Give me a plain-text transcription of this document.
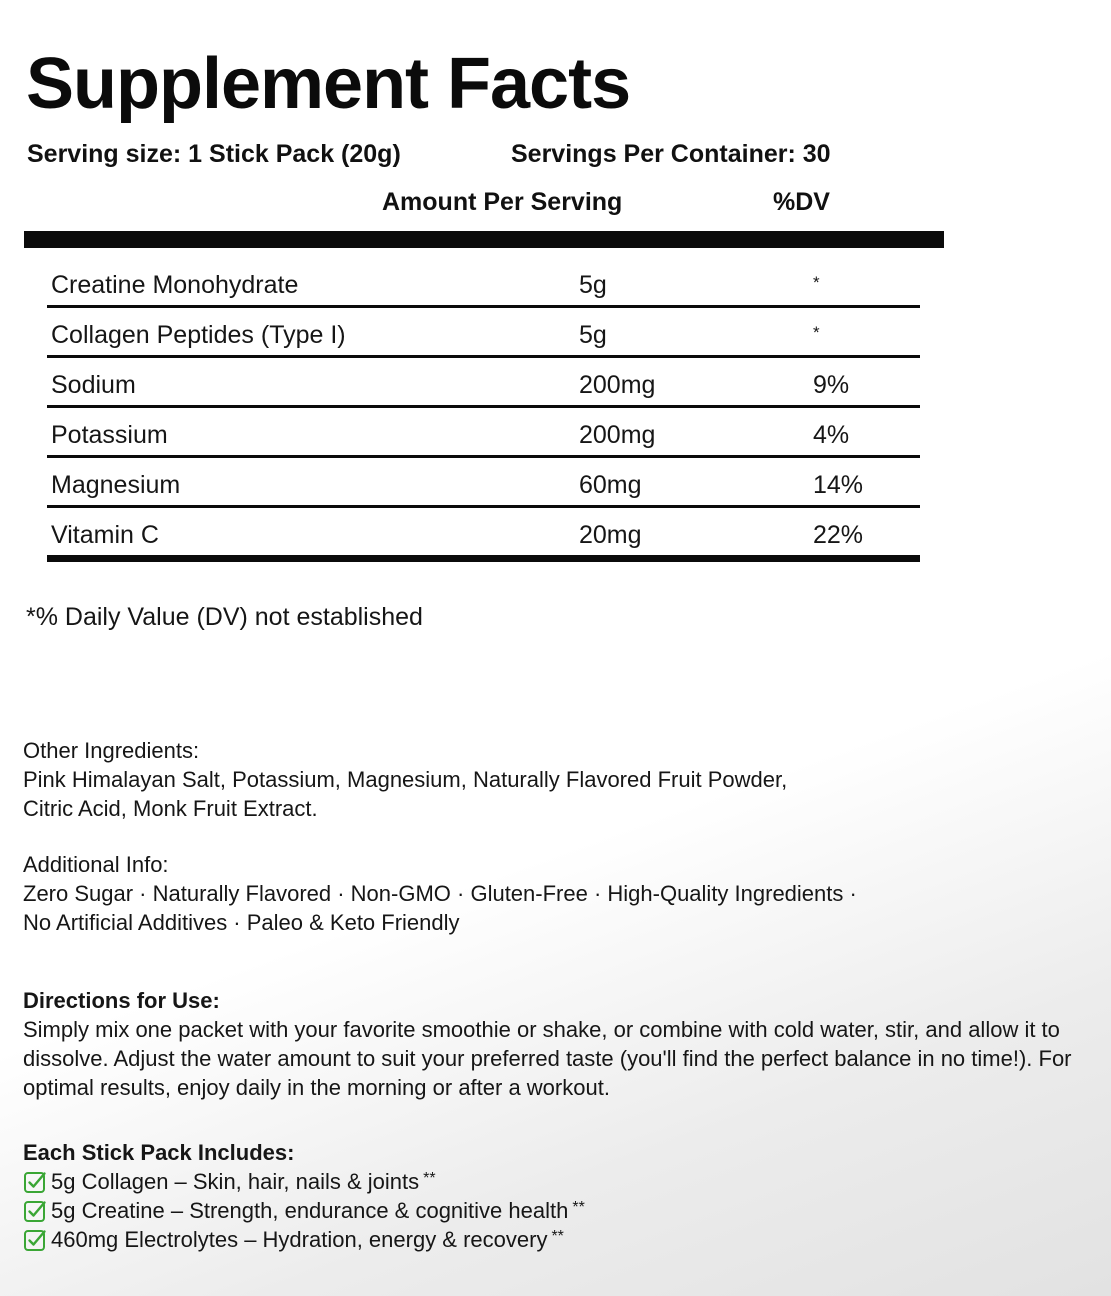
Supplement Facts
Serving size: 1 Stick Pack (20g)	Servings Per Container: 30
Amount Per Serving	%DV
Creatine Monohydrate	5g	*
Collagen Peptides (Type I)	5g	*
Sodium	200mg	9%
Potassium	200mg	4%
Magnesium	60mg	14%
Vitamin C	20mg	22%
*% Daily Value (DV) not established
Other Ingredients:
Pink Himalayan Salt, Potassium, Magnesium, Naturally Flavored Fruit Powder,
Citric Acid, Monk Fruit Extract.
Additional Info:
Zero Sugar · Naturally Flavored · Non-GMO · Gluten-Free · High-Quality Ingredients ·
No Artificial Additives · Paleo & Keto Friendly
Directions for Use:
Simply mix one packet with your favorite smoothie or shake, or combine with cold water, stir, and allow it to
dissolve. Adjust the water amount to suit your preferred taste (you'll find the perfect balance in no time!). For
optimal results, enjoy daily in the morning or after a workout.
Each Stick Pack Includes:
5g Collagen – Skin, hair, nails & joints **
5g Creatine – Strength, endurance & cognitive health **
460mg Electrolytes – Hydration, energy & recovery **
